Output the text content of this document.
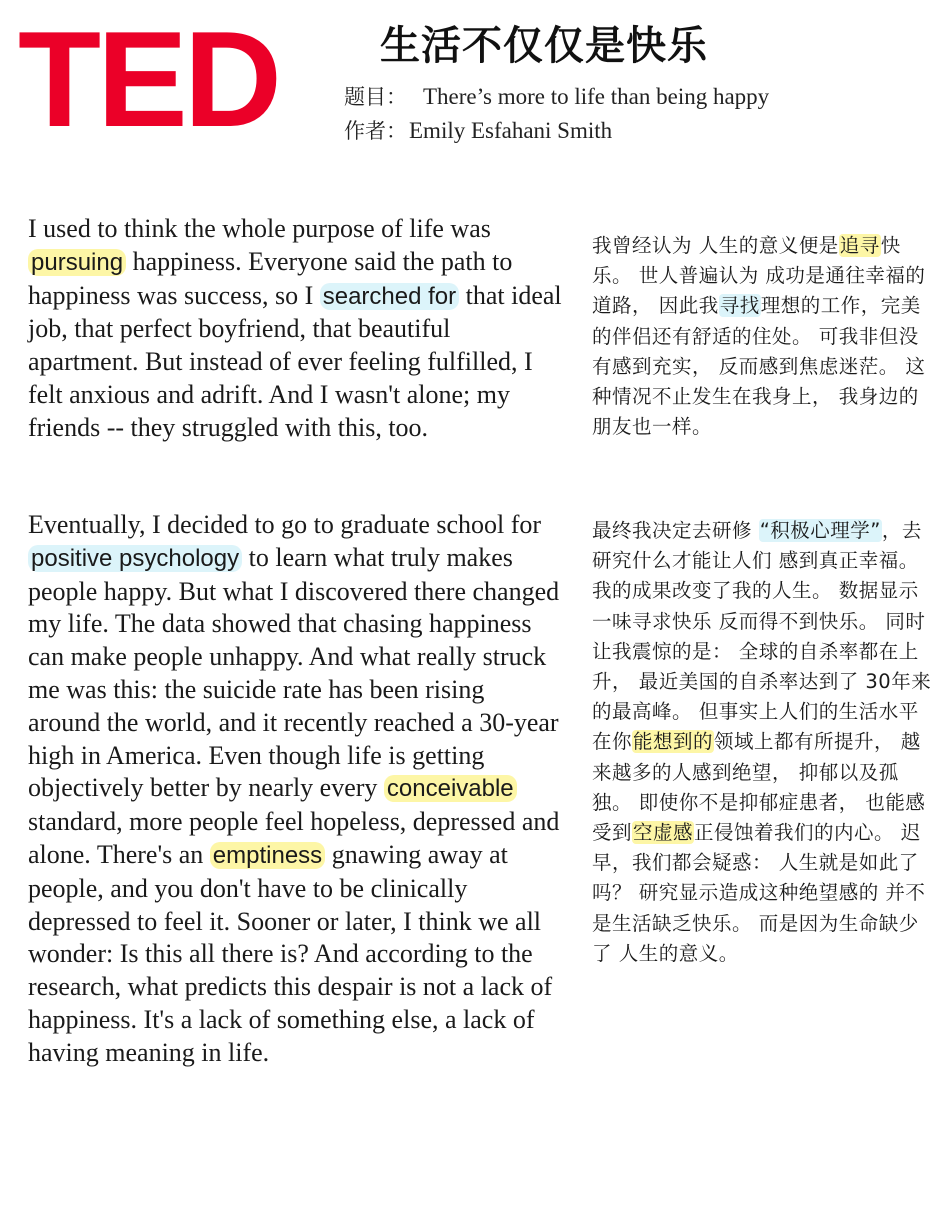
TED	生活不仅仅是快乐
题目： There’s more to life than being happy
作者：Emily Esfahani Smith

I used to think the whole purpose of life was pursuing happiness. Everyone said the path to happiness was success, so I searched for that ideal job, that perfect boyfriend, that beautiful apartment. But instead of ever feeling fulfilled, I felt anxious and adrift. And I wasn't alone; my friends -- they struggled with this, too.

我曾经认为 人生的意义便是追寻快乐。 世人普遍认为 成功是通往幸福的道路， 因此我寻找理想的工作，完美的伴侣还有舒适的住处。 可我非但没有感到充实， 反而感到焦虑迷茫。 这种情况不止发生在我身上， 我身边的朋友也一样。

Eventually, I decided to go to graduate school for positive psychology to learn what truly makes people happy. But what I discovered there changed my life. The data showed that chasing happiness can make people unhappy. And what really struck me was this: the suicide rate has been rising around the world, and it recently reached a 30-year high in America. Even though life is getting objectively better by nearly every conceivable standard, more people feel hopeless, depressed and alone. There's an emptiness gnawing away at people, and you don't have to be clinically depressed to feel it. Sooner or later, I think we all wonder: Is this all there is? And according to the research, what predicts this despair is not a lack of happiness. It's a lack of something else, a lack of having meaning in life.

最终我决定去研修 “积极心理学”，去研究什么才能让人们 感到真正幸福。 我的成果改变了我的人生。 数据显示一味寻求快乐 反而得不到快乐。 同时让我震惊的是： 全球的自杀率都在上升， 最近美国的自杀率达到了 30年来的最高峰。 但事实上人们的生活水平 在你能想到的领域上都有所提升， 越来越多的人感到绝望， 抑郁以及孤独。 即使你不是抑郁症患者， 也能感受到空虚感正侵蚀着我们的内心。 迟早，我们都会疑惑： 人生就是如此了吗？ 研究显示造成这种绝望感的 并不是生活缺乏快乐。 而是因为生命缺少了 人生的意义。
